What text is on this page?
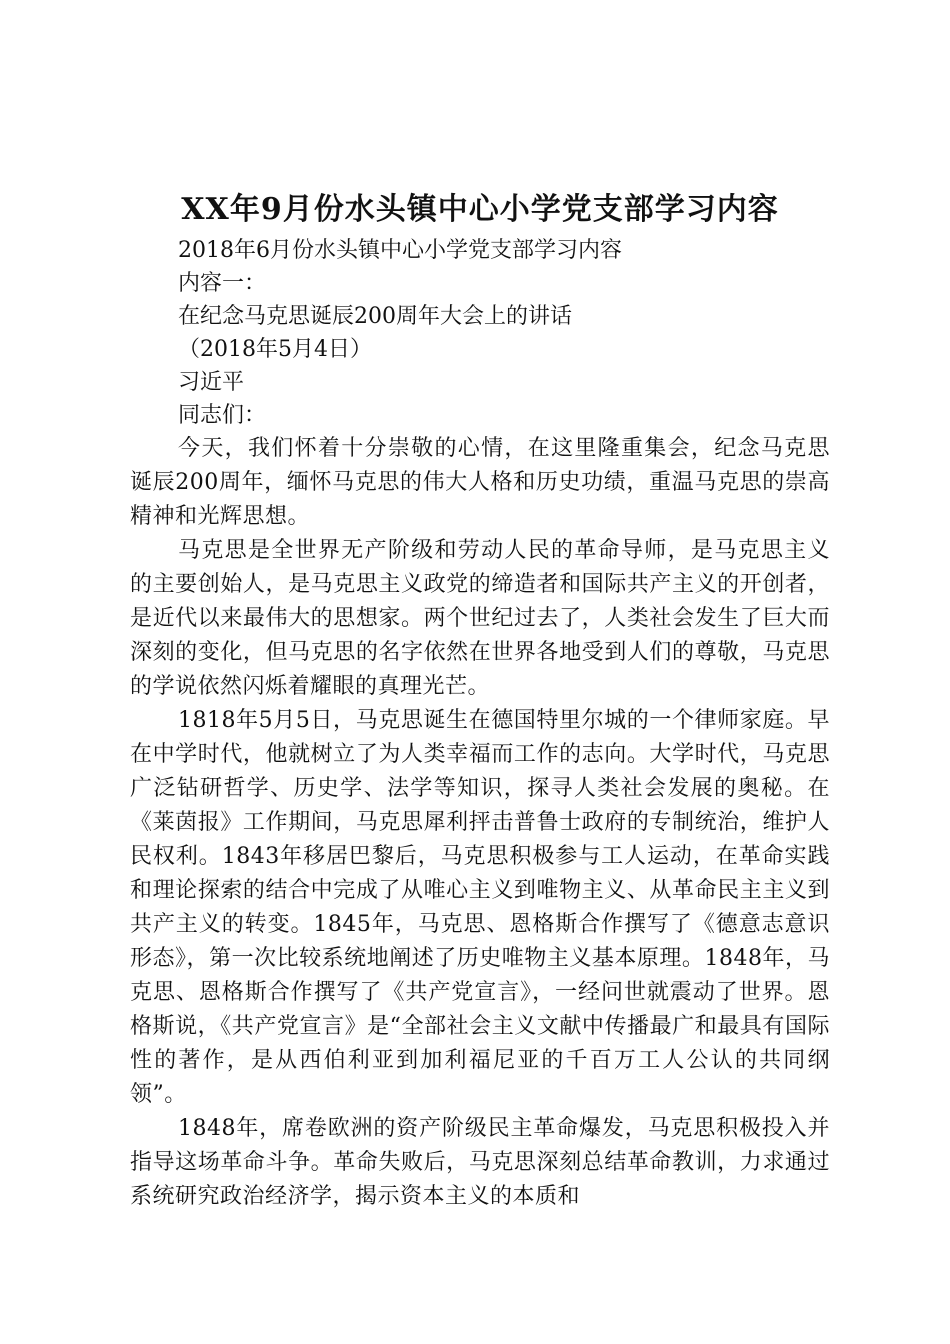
XX年9月份水头镇中心小学党支部学习内容
2018年6月份水头镇中心小学党支部学习内容
内容一：
在纪念马克思诞辰200周年大会上的讲话
（2018年5月4日）
习近平
同志们：

今天，我们怀着十分崇敬的心情，在这里隆重集会，纪念马克思诞辰200周年，缅怀马克思的伟大人格和历史功绩，重温马克思的崇高精神和光辉思想。

马克思是全世界无产阶级和劳动人民的革命导师，是马克思主义的主要创始人，是马克思主义政党的缔造者和国际共产主义的开创者，是近代以来最伟大的思想家。两个世纪过去了，人类社会发生了巨大而深刻的变化，但马克思的名字依然在世界各地受到人们的尊敬，马克思的学说依然闪烁着耀眼的真理光芒。

1818年5月5日，马克思诞生在德国特里尔城的一个律师家庭。早在中学时代，他就树立了为人类幸福而工作的志向。大学时代，马克思广泛钻研哲学、历史学、法学等知识，探寻人类社会发展的奥秘。在《莱茵报》工作期间，马克思犀利抨击普鲁士政府的专制统治，维护人民权利。1843年移居巴黎后，马克思积极参与工人运动，在革命实践和理论探索的结合中完成了从唯心主义到唯物主义、从革命民主主义到共产主义的转变。1845年，马克思、恩格斯合作撰写了《德意志意识形态》，第一次比较系统地阐述了历史唯物主义基本原理。1848年，马克思、恩格斯合作撰写了《共产党宣言》，一经问世就震动了世界。恩格斯说，《共产党宣言》是“全部社会主义文献中传播最广和最具有国际性的著作，是从西伯利亚到加利福尼亚的千百万工人公认的共同纲领”。

1848年，席卷欧洲的资产阶级民主革命爆发，马克思积极投入并指导这场革命斗争。革命失败后，马克思深刻总结革命教训，力求通过系统研究政治经济学，揭示资本主义的本质和
